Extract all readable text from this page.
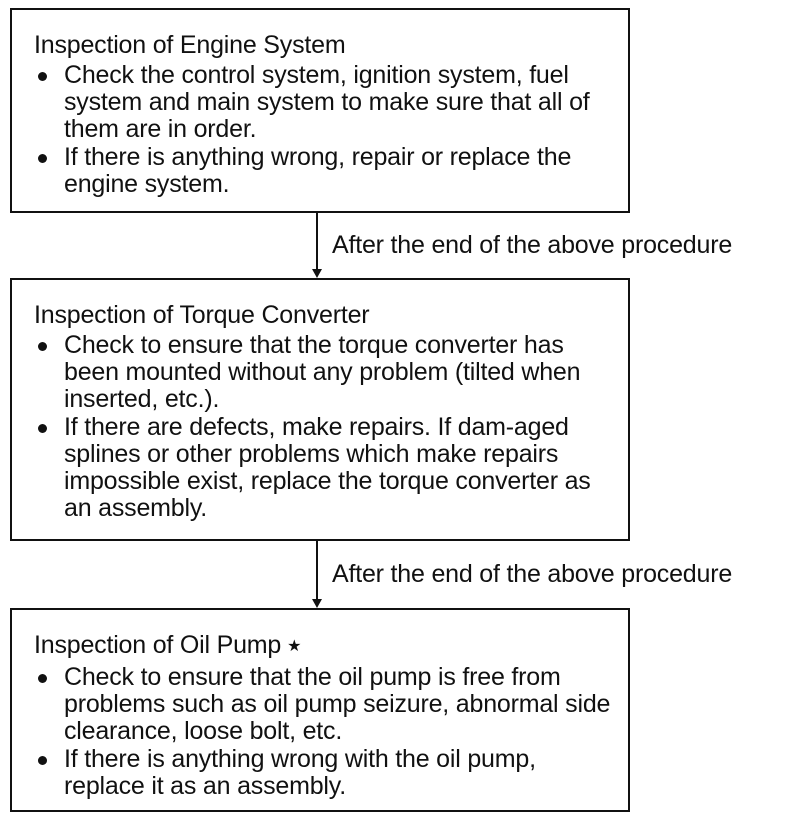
Inspection of Engine System
Check the control system, ignition system, fuel system and main system to make sure that all of them are in order.
If there is anything wrong, repair or replace the engine system.
After the end of the above procedure
Inspection of Torque Converter
Check to ensure that the torque converter has been mounted without any problem (tilted when inserted, etc.).
If there are defects, make repairs. If dam-aged splines or other problems which make repairs impossible exist, replace the torque converter as an assembly.
After the end of the above procedure
Inspection of Oil Pump ★
Check to ensure that the oil pump is free from problems such as oil pump seizure, abnormal side clearance, loose bolt, etc.
If there is anything wrong with the oil pump, replace it as an assembly.
